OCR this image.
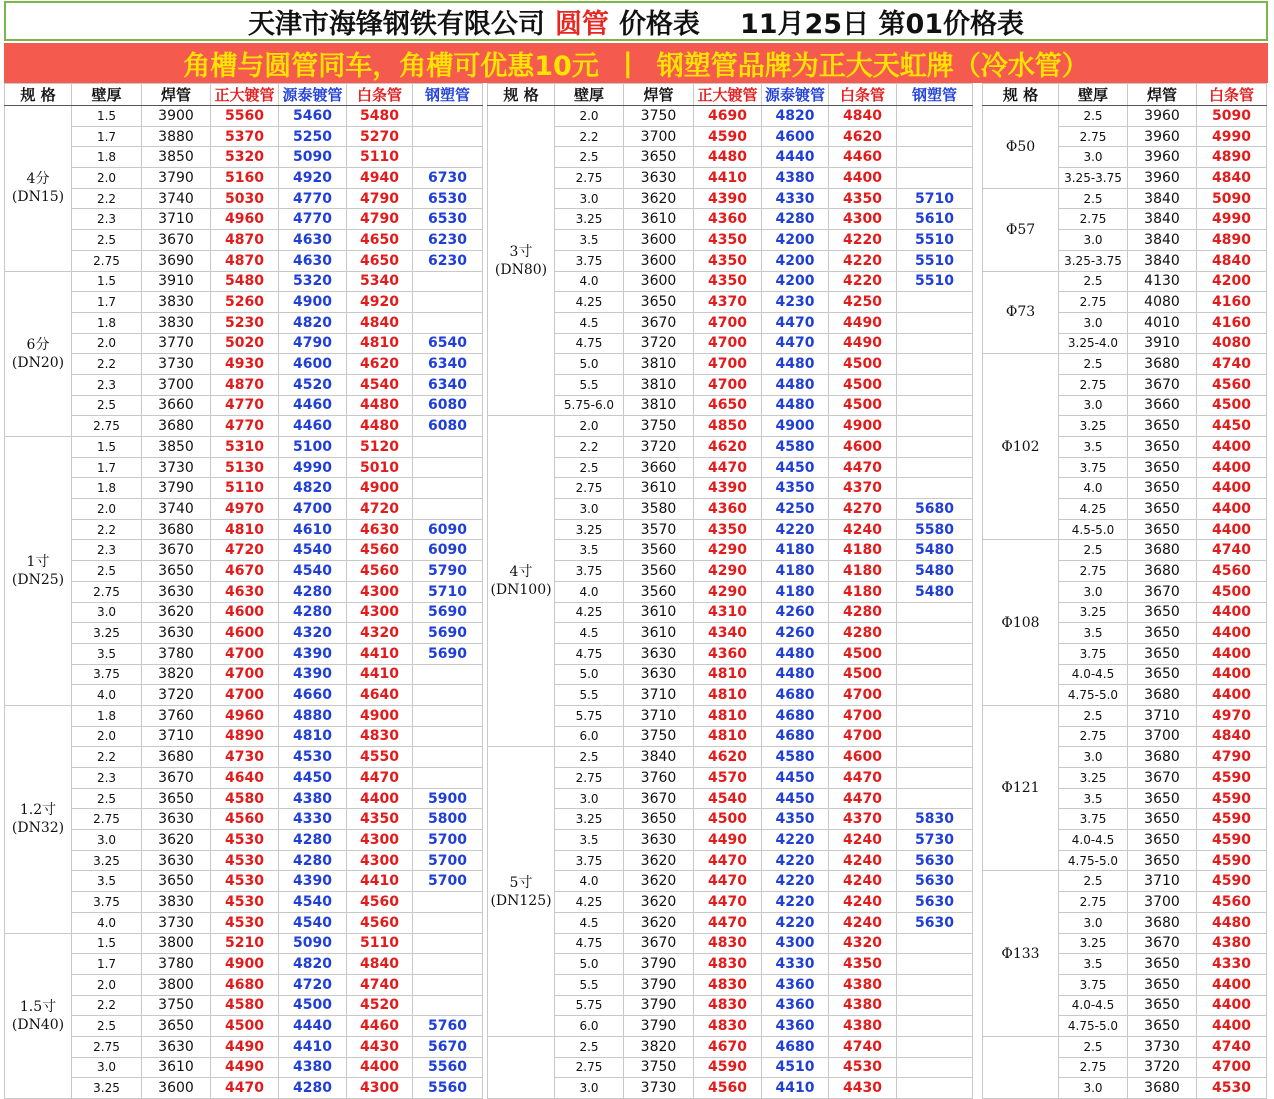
天津市海锋钢铁有限公司 圆管 价格表 11月25日 第01价格表
角槽与圆管同车，角槽可优惠10元 | 钢塑管品牌为正大天虹牌（冷水管）
规 格	壁厚	焊管	正大镀管	源泰镀管	白条管	钢塑管
4分
(DN15)	1.5	3900	5560	5460	5480	
	1.7	3880	5370	5250	5270	
	1.8	3850	5320	5090	5110	
	2.0	3790	5160	4920	4940	6730
	2.2	3740	5030	4770	4790	6530
	2.3	3710	4960	4770	4790	6530
	2.5	3670	4870	4630	4650	6230
	2.75	3690	4870	4630	4650	6230
6分
(DN20)	1.5	3910	5480	5320	5340	
	1.7	3830	5260	4900	4920	
	1.8	3830	5230	4820	4840	
	2.0	3770	5020	4790	4810	6540
	2.2	3730	4930	4600	4620	6340
	2.3	3700	4870	4520	4540	6340
	2.5	3660	4770	4460	4480	6080
	2.75	3680	4770	4460	4480	6080
1寸
(DN25)	1.5	3850	5310	5100	5120	
	1.7	3730	5130	4990	5010	
	1.8	3790	5110	4820	4900	
	2.0	3740	4970	4700	4720	
	2.2	3680	4810	4610	4630	6090
	2.3	3670	4720	4540	4560	6090
	2.5	3650	4670	4540	4560	5790
	2.75	3630	4630	4280	4300	5710
	3.0	3620	4600	4280	4300	5690
	3.25	3630	4600	4320	4320	5690
	3.5	3780	4700	4390	4410	5690
	3.75	3820	4700	4390	4410	
	4.0	3720	4700	4660	4640	
1.2寸
(DN32)	1.8	3760	4960	4880	4900	
	2.0	3710	4890	4810	4830	
	2.2	3680	4730	4530	4550	
	2.3	3670	4640	4450	4470	
	2.5	3650	4580	4380	4400	5900
	2.75	3630	4560	4330	4350	5800
	3.0	3620	4530	4280	4300	5700
	3.25	3630	4530	4280	4300	5700
	3.5	3650	4530	4390	4410	5700
	3.75	3830	4530	4540	4560	
	4.0	3730	4530	4540	4560	
1.5寸
(DN40)	1.5	3800	5210	5090	5110	
	1.7	3780	4900	4820	4840	
	2.0	3800	4680	4720	4740	
	2.2	3750	4580	4500	4520	
	2.5	3650	4500	4440	4460	5760
	2.75	3630	4490	4410	4430	5670
	3.0	3610	4490	4380	4400	5560
	3.25	3600	4470	4280	4300	5560
规 格	壁厚	焊管	正大镀管	源泰镀管	白条管	钢塑管
3寸
(DN80)	2.0	3750	4690	4820	4840	
	2.2	3700	4590	4600	4620	
	2.5	3650	4480	4440	4460	
	2.75	3630	4410	4380	4400	
	3.0	3620	4390	4330	4350	5710
	3.25	3610	4360	4280	4300	5610
	3.5	3600	4350	4200	4220	5510
	3.75	3600	4350	4200	4220	5510
	4.0	3600	4350	4200	4220	5510
	4.25	3650	4370	4230	4250	
	4.5	3670	4700	4470	4490	
	4.75	3720	4700	4470	4490	
	5.0	3810	4700	4480	4500	
	5.5	3810	4700	4480	4500	
	5.75-6.0	3810	4650	4480	4500	
4寸
(DN100)	2.0	3750	4850	4900	4900	
	2.2	3720	4620	4580	4600	
	2.5	3660	4470	4450	4470	
	2.75	3610	4390	4350	4370	
	3.0	3580	4360	4250	4270	5680
	3.25	3570	4350	4220	4240	5580
	3.5	3560	4290	4180	4180	5480
	3.75	3560	4290	4180	4180	5480
	4.0	3560	4290	4180	4180	5480
	4.25	3610	4310	4260	4280	
	4.5	3610	4340	4260	4280	
	4.75	3630	4360	4480	4500	
	5.0	3630	4810	4480	4500	
	5.5	3710	4810	4680	4700	
	5.75	3710	4810	4680	4700	
	6.0	3750	4810	4680	4700	
5寸
(DN125)	2.5	3840	4620	4580	4600	
	2.75	3760	4570	4450	4470	
	3.0	3670	4540	4450	4470	
	3.25	3650	4500	4350	4370	5830
	3.5	3630	4490	4220	4240	5730
	3.75	3620	4470	4220	4240	5630
	4.0	3620	4470	4220	4240	5630
	4.25	3620	4470	4220	4240	5630
	4.5	3620	4470	4220	4240	5630
	4.75	3670	4830	4300	4320	
	5.0	3790	4830	4330	4350	
	5.5	3790	4830	4360	4380	
	5.75	3790	4830	4360	4380	
	6.0	3790	4830	4360	4380	
	2.5	3820	4670	4680	4740	
	2.75	3750	4590	4510	4530	
	3.0	3730	4560	4410	4430	
规 格	壁厚	焊管	白条管
Φ50	2.5	3960	5090
	2.75	3960	4990
	3.0	3960	4890
	3.25-3.75	3960	4840
Φ57	2.5	3840	5090
	2.75	3840	4990
	3.0	3840	4890
	3.25-3.75	3840	4840
Φ73	2.5	4130	4200
	2.75	4080	4160
	3.0	4010	4160
	3.25-4.0	3910	4080
Φ102	2.5	3680	4740
	2.75	3670	4560
	3.0	3660	4500
	3.25	3650	4450
	3.5	3650	4400
	3.75	3650	4400
	4.0	3650	4400
	4.25	3650	4400
	4.5-5.0	3650	4400
Φ108	2.5	3680	4740
	2.75	3680	4560
	3.0	3670	4500
	3.25	3650	4400
	3.5	3650	4400
	3.75	3650	4400
	4.0-4.5	3650	4400
	4.75-5.0	3680	4400
Φ121	2.5	3710	4970
	2.75	3700	4840
	3.0	3680	4790
	3.25	3670	4590
	3.5	3650	4590
	3.75	3650	4590
	4.0-4.5	3650	4590
	4.75-5.0	3650	4590
Φ133	2.5	3710	4590
	2.75	3700	4560
	3.0	3680	4480
	3.25	3670	4380
	3.5	3650	4330
	3.75	3650	4400
	4.0-4.5	3650	4400
	4.75-5.0	3650	4400
	2.5	3730	4740
	2.75	3720	4700
	3.0	3680	4530
